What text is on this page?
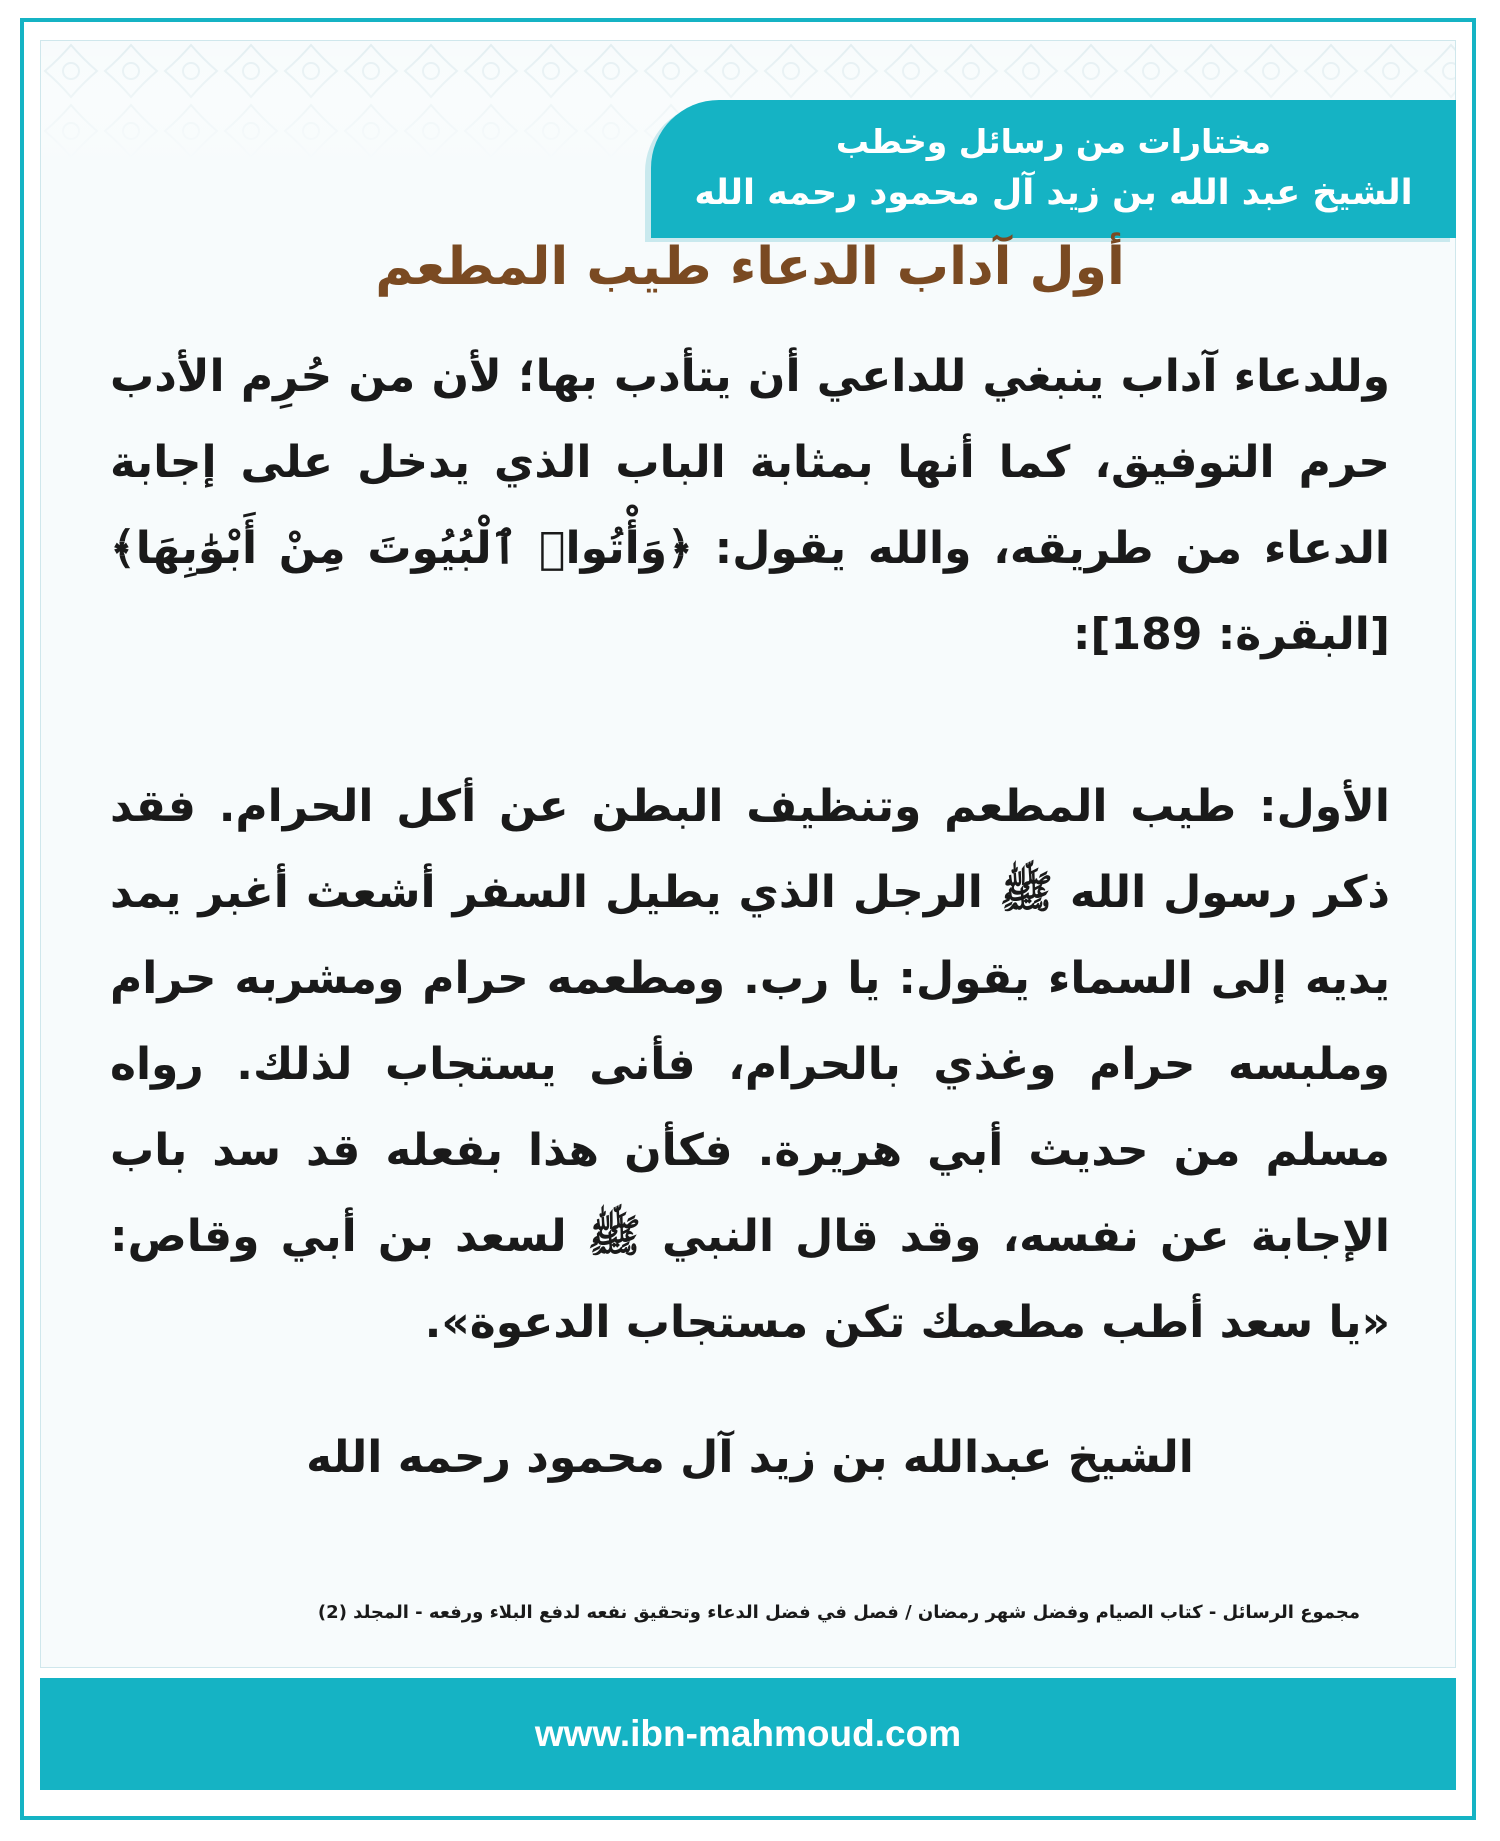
مختارات من رسائل وخطب
الشيخ عبد الله بن زيد آل محمود رحمه الله
أول آداب الدعاء طيب المطعم

وللدعاء آداب ينبغي للداعي أن يتأدب بها؛ لأن من حُرِم الأدب حرم التوفيق، كما أنها بمثابة الباب الذي يدخل على إجابة الدعاء من طريقه، والله يقول: ﴿وَأْتُوا۟ ٱلْبُيُوتَ مِنْ أَبْوَٰبِهَا﴾ [البقرة: 189]:

الأول: طيب المطعم وتنظيف البطن عن أكل الحرام. فقد ذكر رسول الله ﷺ الرجل الذي يطيل السفر أشعث أغبر يمد يديه إلى السماء يقول: يا رب. ومطعمه حرام ومشربه حرام وملبسه حرام وغذي بالحرام، فأنى يستجاب لذلك. رواه مسلم من حديث أبي هريرة. فكأن هذا بفعله قد سد باب الإجابة عن نفسه، وقد قال النبي ﷺ لسعد بن أبي وقاص: «يا سعد أطب مطعمك تكن مستجاب الدعوة».

الشيخ عبدالله بن زيد آل محمود رحمه الله
مجموع الرسائل - كتاب الصيام وفضل شهر رمضان / فصل في فضل الدعاء وتحقيق نفعه لدفع البلاء ورفعه - المجلد (2)
www.ibn-mahmoud.com
